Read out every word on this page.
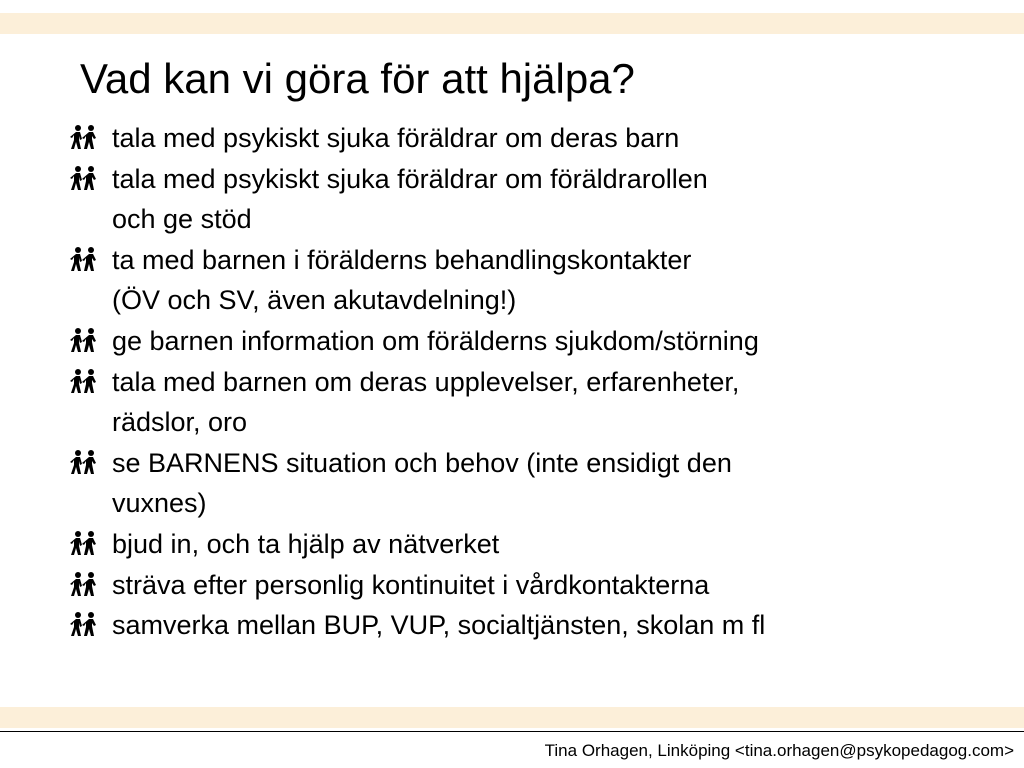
Vad kan vi göra för att hjälpa?
tala med psykiskt sjuka föräldrar om deras barn
tala med psykiskt sjuka föräldrar om föräldrarollen
och ge stöd
ta med barnen i förälderns behandlingskontakter
(ÖV och SV, även akutavdelning!)
ge barnen information om förälderns sjukdom/störning
tala med barnen om deras upplevelser, erfarenheter,
rädslor, oro
se BARNENS situation och behov (inte ensidigt den
vuxnes)
bjud in, och ta hjälp av nätverket
sträva efter personlig kontinuitet i vårdkontakterna
samverka mellan BUP, VUP, socialtjänsten, skolan m fl
Tina Orhagen, Linköping <tina.orhagen@psykopedagog.com>
